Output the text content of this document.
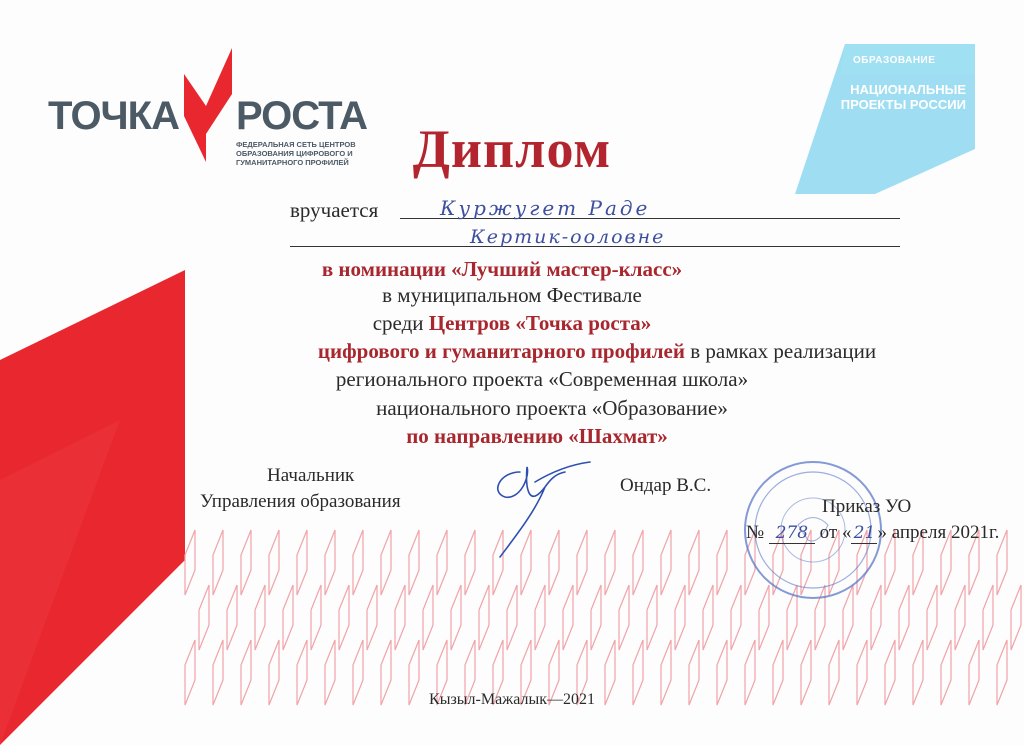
ТОЧКА РОСТА
ФЕДЕРАЛЬНАЯ СЕТЬ ЦЕНТРОВ ОБРАЗОВАНИЯ ЦИФРОВОГО И ГУМАНИТАРНОГО ПРОФИЛЕЙ
ОБРАЗОВАНИЕ
НАЦИОНАЛЬНЫЕ ПРОЕКТЫ РОССИИ
Диплом
вручается	Куржугет Раде
Кертик-ооловне
в номинации «Лучший мастер-класс»
в муниципальном Фестивале
среди Центров «Точка роста»
цифрового и гуманитарного профилей в рамках реализации
регионального проекта «Современная школа»
национального проекта «Образование»
по направлению «Шахмат»
Начальник
Управления образования
Ондар В.С.
Приказ УО
№ 278 от « 21 » апреля 2021г.
Кызыл-Мажалык—2021
